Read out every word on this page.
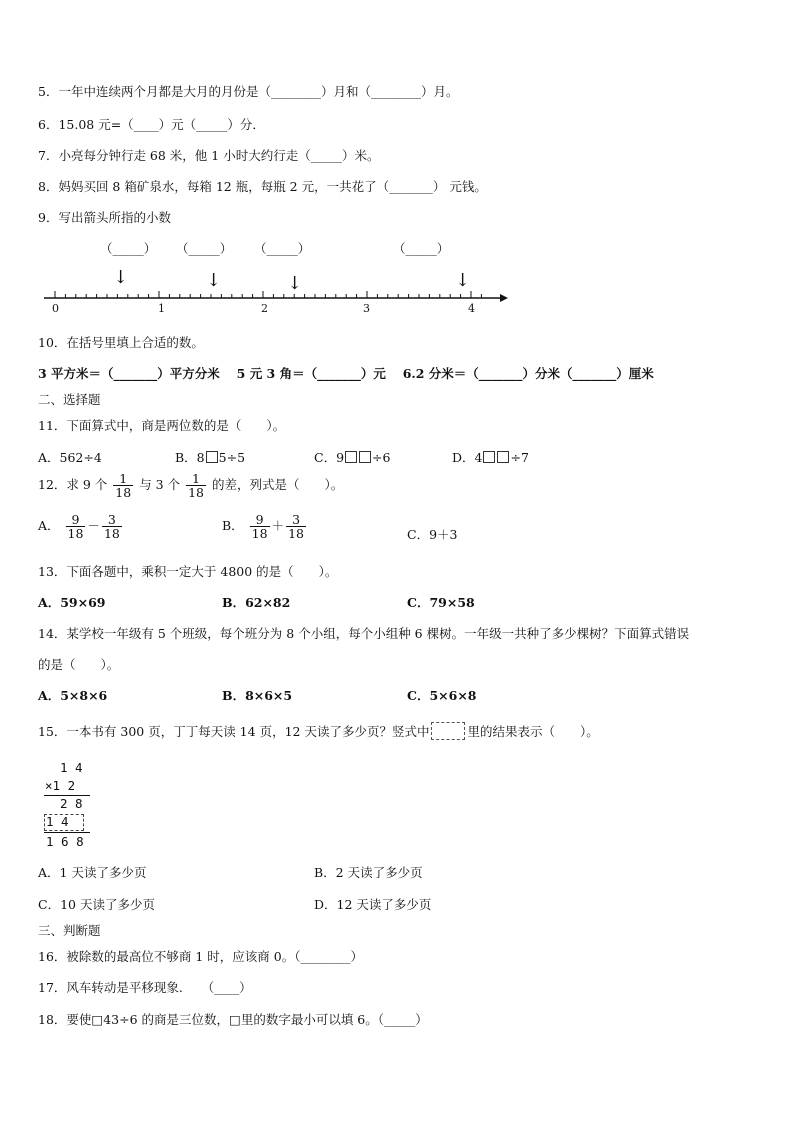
5．一年中连续两个月都是大月的月份是（________）月和（________）月。
6．15.08 元=（____）元（_____）分．
7．小亮每分钟行走 68 米，他 1 小时大约行走（_____）米。
8．妈妈买回 8 箱矿泉水，每箱 12 瓶，每瓶 2 元，一共花了（_______） 元钱。
9．写出箭头所指的小数
（_____） （_____） （_____）	（_____）
↓	↓	↓	↓
0	1	2	3	4
10．在括号里填上合适的数。
3 平方米＝（_______）平方分米　 5 元 3 角＝（_______）元　 6.2 分米＝（_______）分米（_______）厘米
二、选择题
11．下面算式中，商是两位数的是（　　）。
A．562÷4	B．8 5÷5	C．9 ÷6	D．4 ÷7
12．求 9 个 $\frac{1}{18}$ 与 3 个 $\frac{1}{18}$ 的差，列式是（　　）。
A． $\frac{9}{18} - \frac{3}{18}$	B． $\frac{9}{18} + \frac{3}{18}$	C．9＋3
13．下面各题中，乘积一定大于 4800 的是（　　）。
A．59×69	B．62×82	C．79×58
14．某学校一年级有 5 个班级，每个班分为 8 个小组，每个小组种 6 棵树。一年级一共种了多少棵树？下面算式错误
的是（　　）。
A．5×8×6	B．8×6×5	C．5×6×8
15．一本书有 300 页，丁丁每天读 14 页，12 天读了多少页？竖式中	里的结果表示（　　）。
1 4
×1 2
2 8
1 4
1 6 8
A．1 天读了多少页	B．2 天读了多少页
C．10 天读了多少页	D．12 天读了多少页
三、判断题
16．被除数的最高位不够商 1 时，应该商 0。（________）
17．风车转动是平移现象.　　（____）
18．要使□43÷6 的商是三位数，□里的数字最小可以填 6。（_____）
